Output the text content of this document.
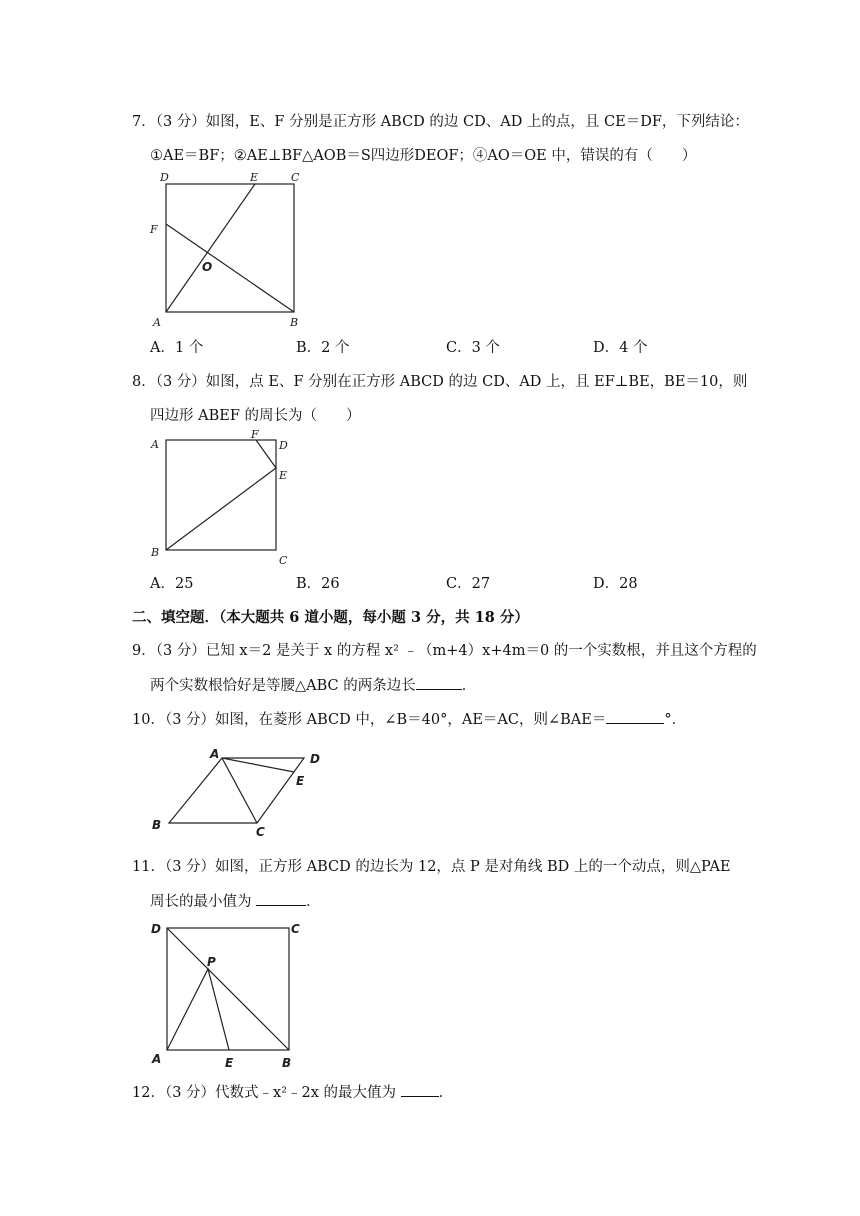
7．（3 分）如图，E、F 分别是正方形 ABCD 的边 CD、AD 上的点，且 CE＝DF，下列结论：
①AE＝BF；②AE⊥BF△AOB＝S四边形DEOF；④AO＝OE 中，错误的有（　　）
D	E	C
F
O
A	B
A．1 个	B．2 个	C．3 个	D．4 个
8．（3 分）如图，点 E、F 分别在正方形 ABCD 的边 CD、AD 上，且 EF⊥BE，BE＝10，则
四边形 ABEF 的周长为（　　）
A
F
D
E
B
C
A．25	B．26	C．27	D．28
二、填空题．（本大题共 6 道小题，每小题 3 分，共 18 分）
9．（3 分）已知 x＝2 是关于 x 的方程 x² ﹣（m+4）x+4m＝0 的一个实数根，并且这个方程的
两个实数根恰好是等腰△ABC 的两条边长	．
10．（3 分）如图，在菱形 ABCD 中，∠B＝40°，AE＝AC，则∠BAE＝	°．
A	D
E
B	C
11．（3 分）如图，正方形 ABCD 的边长为 12，点 P 是对角线 BD 上的一个动点，则△PAE
周长的最小值为	．
D	C
P
A	E	B
12．（3 分）代数式﹣x²﹣2x 的最大值为	．
